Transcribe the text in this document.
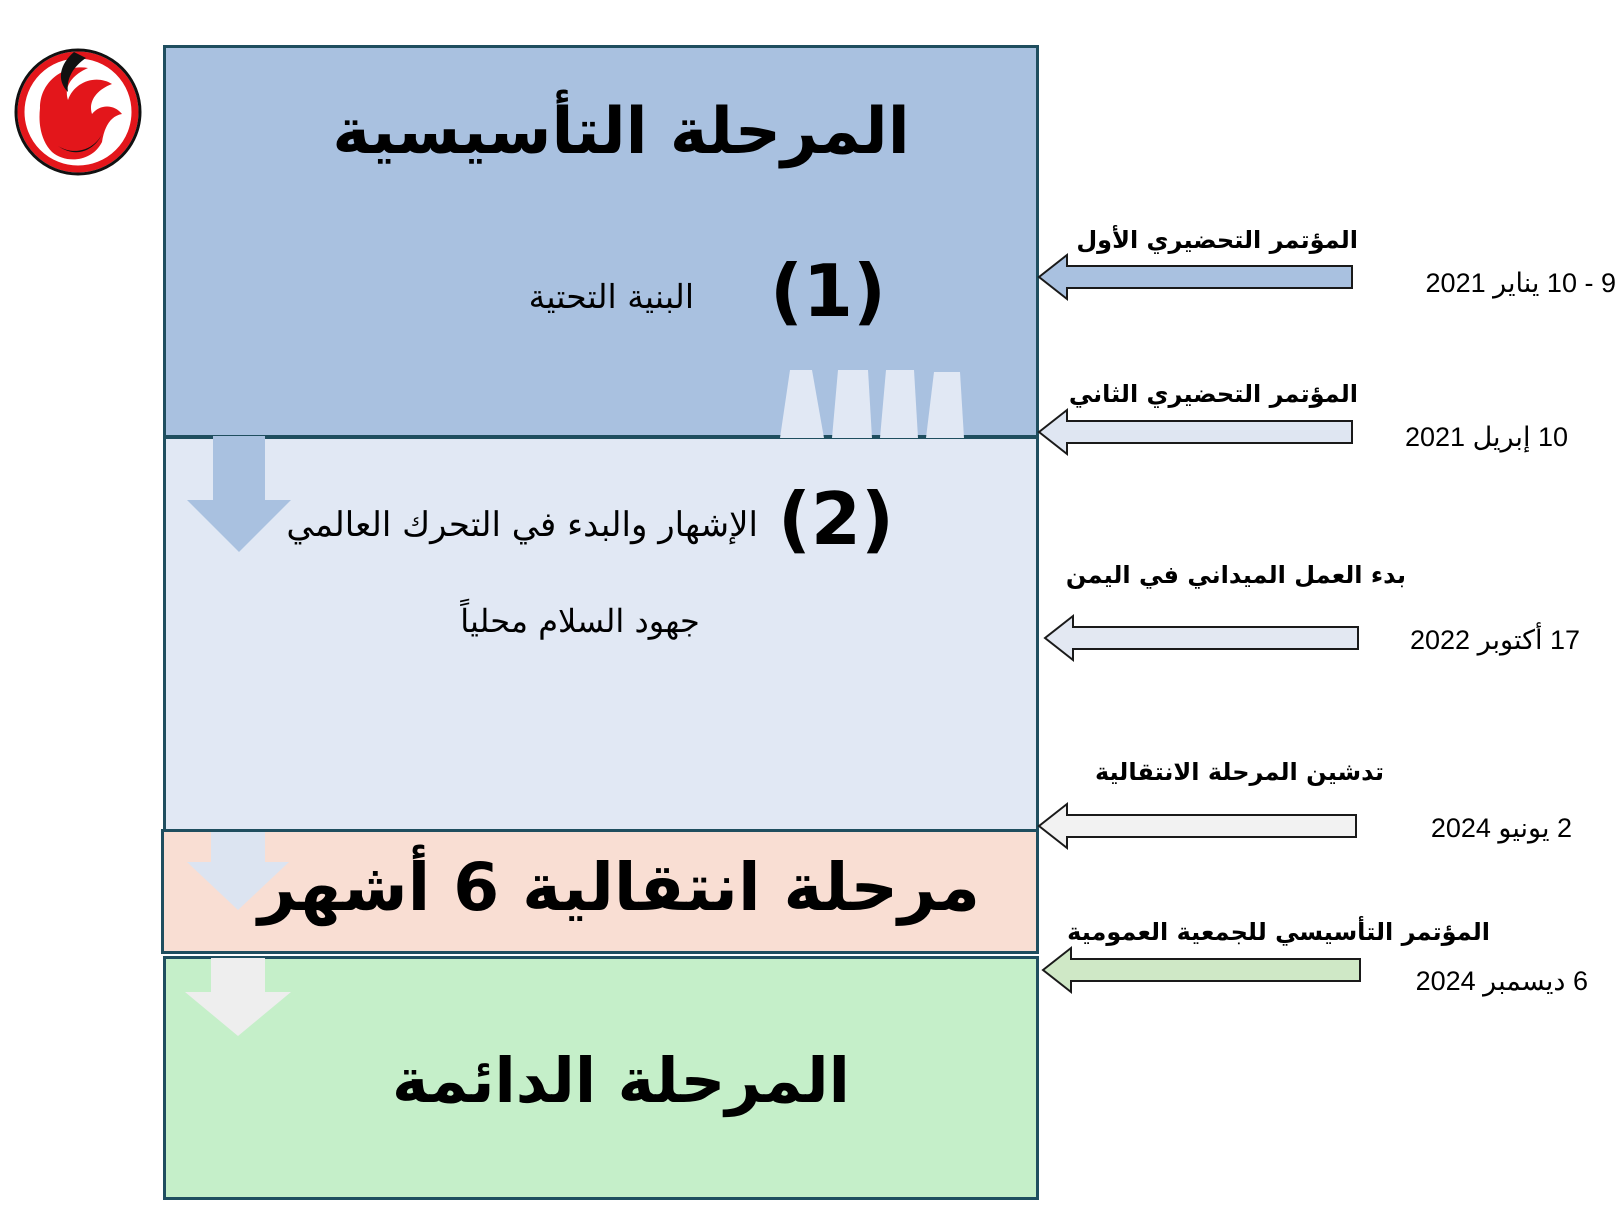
المرحلة التأسيسية
(1)
البنية التحتية
(2)
الإشهار والبدء في التحرك العالمي
جهود السلام محلياً
مرحلة انتقالية 6 أشهر
المرحلة الدائمة
المؤتمر التحضيري الأول
9 - 10 يناير 2021
المؤتمر التحضيري الثاني
10 إبريل 2021
بدء العمل الميداني في اليمن
17 أكتوبر 2022
تدشين المرحلة الانتقالية
2 يونيو 2024
المؤتمر التأسيسي للجمعية العمومية
6 ديسمبر 2024
